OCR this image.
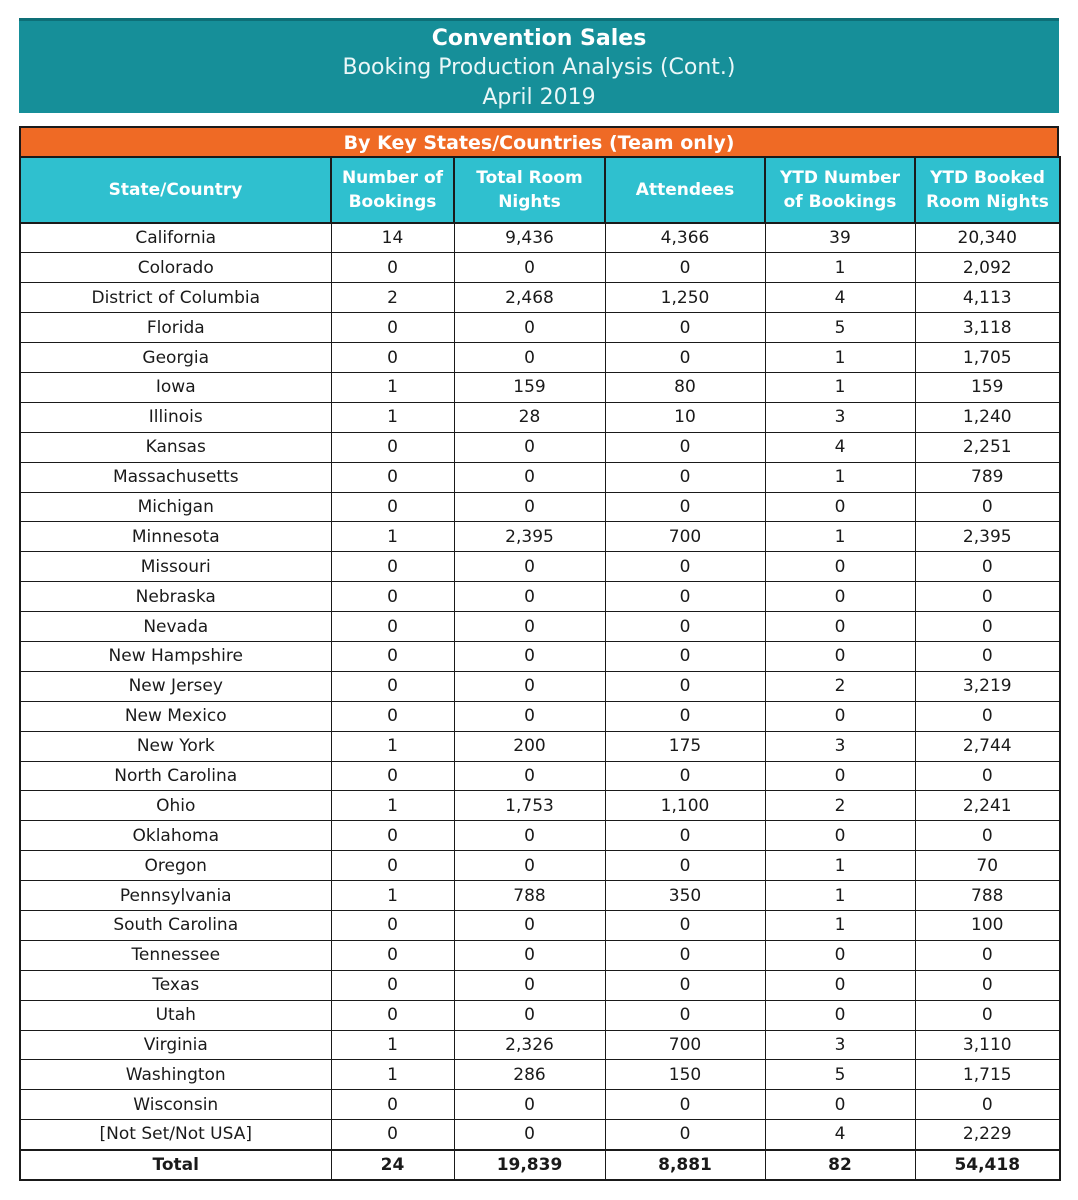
Convention Sales
Booking Production Analysis (Cont.)
April 2019
By Key States/Countries (Team only)
State/Country	Number of Bookings	Total Room Nights	Attendees	YTD Number of Bookings	YTD Booked Room Nights
California	14	9,436	4,366	39	20,340
Colorado	0	0	0	1	2,092
District of Columbia	2	2,468	1,250	4	4,113
Florida	0	0	0	5	3,118
Georgia	0	0	0	1	1,705
Iowa	1	159	80	1	159
Illinois	1	28	10	3	1,240
Kansas	0	0	0	4	2,251
Massachusetts	0	0	0	1	789
Michigan	0	0	0	0	0
Minnesota	1	2,395	700	1	2,395
Missouri	0	0	0	0	0
Nebraska	0	0	0	0	0
Nevada	0	0	0	0	0
New Hampshire	0	0	0	0	0
New Jersey	0	0	0	2	3,219
New Mexico	0	0	0	0	0
New York	1	200	175	3	2,744
North Carolina	0	0	0	0	0
Ohio	1	1,753	1,100	2	2,241
Oklahoma	0	0	0	0	0
Oregon	0	0	0	1	70
Pennsylvania	1	788	350	1	788
South Carolina	0	0	0	1	100
Tennessee	0	0	0	0	0
Texas	0	0	0	0	0
Utah	0	0	0	0	0
Virginia	1	2,326	700	3	3,110
Washington	1	286	150	5	1,715
Wisconsin	0	0	0	0	0
[Not Set/Not USA]	0	0	0	4	2,229
Total	24	19,839	8,881	82	54,418
